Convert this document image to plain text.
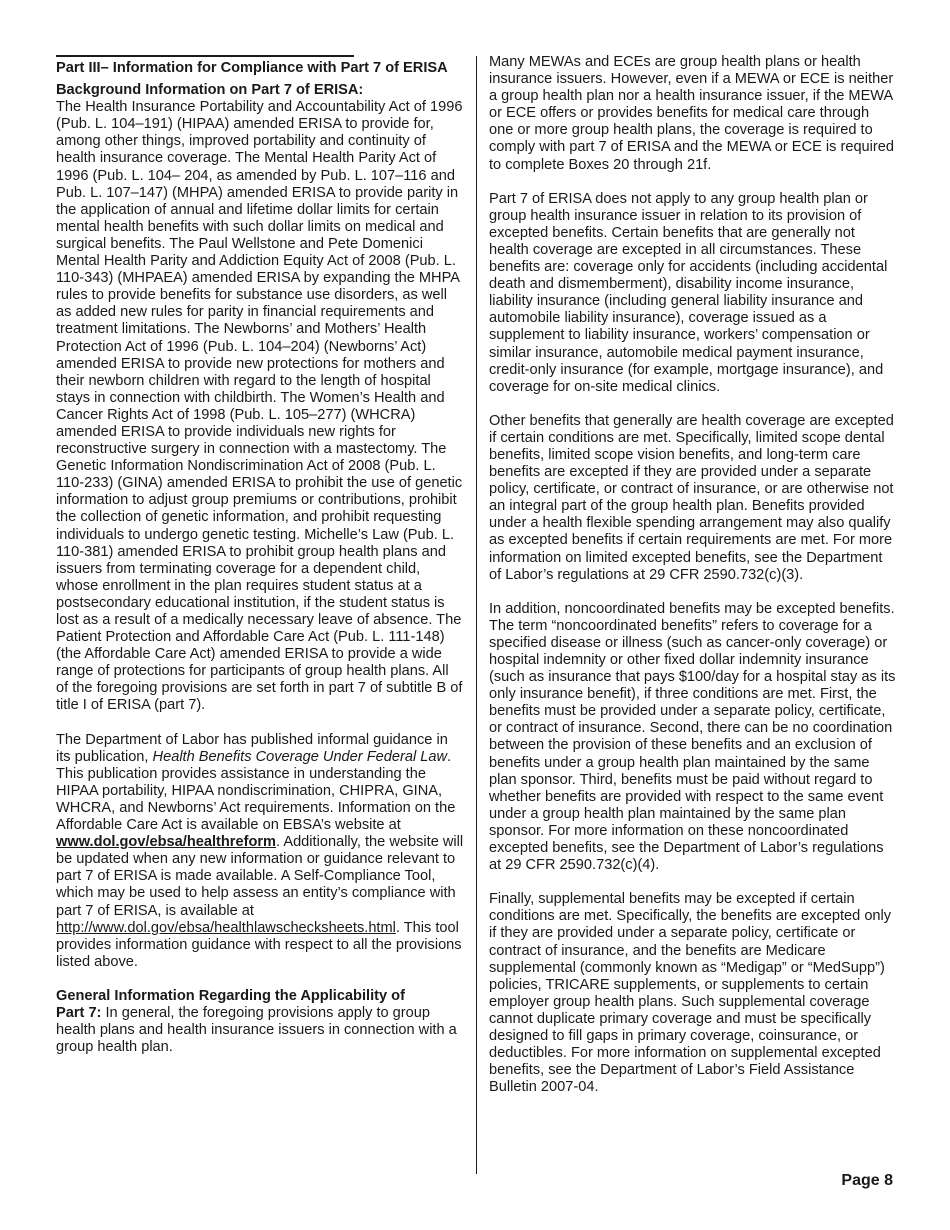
Part III– Information for Compliance with Part 7 of ERISA

Background Information on Part 7 of ERISA:
The Health Insurance Portability and Accountability Act of 1996 (Pub. L. 104–191) (HIPAA) amended ERISA to provide for, among other things, improved portability and continuity of health insurance coverage. The Mental Health Parity Act of 1996 (Pub. L. 104– 204, as amended by Pub. L. 107–116 and Pub. L. 107–147) (MHPA) amended ERISA to provide parity in the application of annual and lifetime dollar limits for certain mental health benefits with such dollar limits on medical and surgical benefits. The Paul Wellstone and Pete Domenici Mental Health Parity and Addiction Equity Act of 2008 (Pub. L. 110-343) (MHPAEA) amended ERISA by expanding the MHPA rules to provide benefits for substance use disorders, as well as added new rules for parity in financial requirements and treatment limitations. The Newborns’ and Mothers’ Health Protection Act of 1996 (Pub. L. 104–204) (Newborns’ Act) amended ERISA to provide new protections for mothers and their newborn children with regard to the length of hospital stays in connection with childbirth. The Women’s Health and Cancer Rights Act of 1998 (Pub. L. 105–277) (WHCRA) amended ERISA to provide individuals new rights for reconstructive surgery in connection with a mastectomy. The Genetic Information Nondiscrimination Act of 2008 (Pub. L. 110-233) (GINA) amended ERISA to prohibit the use of genetic information to adjust group premiums or contributions, prohibit the collection of genetic information, and prohibit requesting individuals to undergo genetic testing. Michelle’s Law (Pub. L. 110-381) amended ERISA to prohibit group health plans and issuers from terminating coverage for a dependent child, whose enrollment in the plan requires student status at a postsecondary educational institution, if the student status is lost as a result of a medically necessary leave of absence. The Patient Protection and Affordable Care Act (Pub. L. 111-148) (the Affordable Care Act) amended ERISA to provide a wide range of protections for participants of group health plans. All of the foregoing provisions are set forth in part 7 of subtitle B of title I of ERISA (part 7).

The Department of Labor has published informal guidance in its publication, Health Benefits Coverage Under Federal Law. This publication provides assistance in understanding the HIPAA portability, HIPAA nondiscrimination, CHIPRA, GINA, WHCRA, and Newborns’ Act requirements. Information on the Affordable Care Act is available on EBSA’s website at www.dol.gov/ebsa/healthreform. Additionally, the website will be updated when any new information or guidance relevant to part 7 of ERISA is made available. A Self-Compliance Tool, which may be used to help assess an entity’s compliance with part 7 of ERISA, is available at http://www.dol.gov/ebsa/healthlawschecksheets.html. This tool provides information guidance with respect to all the provisions listed above.

General Information Regarding the Applicability of
Part 7: In general, the foregoing provisions apply to group health plans and health insurance issuers in connection with a group health plan.

Many MEWAs and ECEs are group health plans or health insurance issuers. However, even if a MEWA or ECE is neither a group health plan nor a health insurance issuer, if the MEWA or ECE offers or provides benefits for medical care through one or more group health plans, the coverage is required to comply with part 7 of ERISA and the MEWA or ECE is required to complete Boxes 20 through 21f.

Part 7 of ERISA does not apply to any group health plan or group health insurance issuer in relation to its provision of excepted benefits. Certain benefits that are generally not health coverage are excepted in all circumstances. These benefits are: coverage only for accidents (including accidental death and dismemberment), disability income insurance, liability insurance (including general liability insurance and automobile liability insurance), coverage issued as a supplement to liability insurance, workers’ compensation or similar insurance, automobile medical payment insurance, credit-only insurance (for example, mortgage insurance), and coverage for on-site medical clinics.

Other benefits that generally are health coverage are excepted if certain conditions are met. Specifically, limited scope dental benefits, limited scope vision benefits, and long-term care benefits are excepted if they are provided under a separate policy, certificate, or contract of insurance, or are otherwise not an integral part of the group health plan. Benefits provided under a health flexible spending arrangement may also qualify as excepted benefits if certain requirements are met. For more information on limited excepted benefits, see the Department of Labor’s regulations at 29 CFR 2590.732(c)(3).

In addition, noncoordinated benefits may be excepted benefits. The term “noncoordinated benefits” refers to coverage for a specified disease or illness (such as cancer-only coverage) or hospital indemnity or other fixed dollar indemnity insurance (such as insurance that pays $100/day for a hospital stay as its only insurance benefit), if three conditions are met. First, the benefits must be provided under a separate policy, certificate, or contract of insurance. Second, there can be no coordination between the provision of these benefits and an exclusion of benefits under a group health plan maintained by the same plan sponsor. Third, benefits must be paid without regard to whether benefits are provided with respect to the same event under a group health plan maintained by the same plan sponsor. For more information on these noncoordinated excepted benefits, see the Department of Labor’s regulations at 29 CFR 2590.732(c)(4).

Finally, supplemental benefits may be excepted if certain conditions are met. Specifically, the benefits are excepted only if they are provided under a separate policy, certificate or contract of insurance, and the benefits are Medicare supplemental (commonly known as “Medigap” or “MedSupp”) policies, TRICARE supplements, or supplements to certain employer group health plans. Such supplemental coverage cannot duplicate primary coverage and must be specifically designed to fill gaps in primary coverage, coinsurance, or deductibles. For more information on supplemental excepted benefits, see the Department of Labor’s Field Assistance Bulletin 2007-04.

Page 8
